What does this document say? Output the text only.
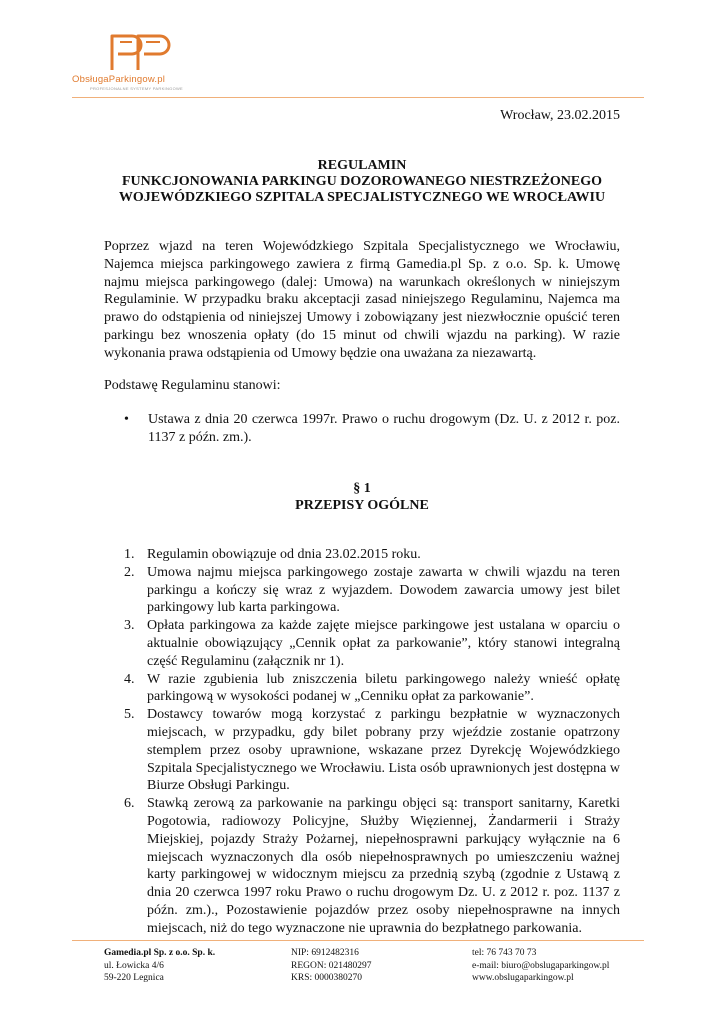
ObsługaParkingow.pl
PROFESJONALNE SYSTEMY PARKINGOWE
Wrocław, 23.02.2015
REGULAMIN
FUNKCJONOWANIA PARKINGU DOZOROWANEGO NIESTRZEŻONEGO
WOJEWÓDZKIEGO SZPITALA SPECJALISTYCZNEGO WE WROCŁAWIU
Poprzez wjazd na teren Wojewódzkiego Szpitala Specjalistycznego we Wrocławiu, Najemca miejsca parkingowego zawiera z firmą Gamedia.pl Sp. z o.o. Sp. k. Umowę najmu miejsca parkingowego (dalej: Umowa) na warunkach określonych w niniejszym Regulaminie. W przypadku braku akceptacji zasad niniejszego Regulaminu, Najemca ma prawo do odstąpienia od niniejszej Umowy i zobowiązany jest niezwłocznie opuścić teren parkingu bez wnoszenia opłaty (do 15 minut od chwili wjazdu na parking). W razie wykonania prawa odstąpienia od Umowy będzie ona uważana za niezawartą.
Podstawę Regulaminu stanowi:
• Ustawa z dnia 20 czerwca 1997r. Prawo o ruchu drogowym (Dz. U. z 2012 r. poz. 1137 z późn. zm.).
§ 1
PRZEPISY OGÓLNE
1. Regulamin obowiązuje od dnia 23.02.2015 roku.
2. Umowa najmu miejsca parkingowego zostaje zawarta w chwili wjazdu na teren parkingu a kończy się wraz z wyjazdem. Dowodem zawarcia umowy jest bilet parkingowy lub karta parkingowa.
3. Opłata parkingowa za każde zajęte miejsce parkingowe jest ustalana w oparciu o aktualnie obowiązujący „Cennik opłat za parkowanie”, który stanowi integralną część Regulaminu (załącznik nr 1).
4. W razie zgubienia lub zniszczenia biletu parkingowego należy wnieść opłatę parkingową w wysokości podanej w „Cenniku opłat za parkowanie”.
5. Dostawcy towarów mogą korzystać z parkingu bezpłatnie w wyznaczonych miejscach, w przypadku, gdy bilet pobrany przy wjeździe zostanie opatrzony stemplem przez osoby uprawnione, wskazane przez Dyrekcję Wojewódzkiego Szpitala Specjalistycznego we Wrocławiu. Lista osób uprawnionych jest dostępna w Biurze Obsługi Parkingu.
6. Stawką zerową za parkowanie na parkingu objęci są: transport sanitarny, Karetki Pogotowia, radiowozy Policyjne, Służby Więziennej, Żandarmerii i Straży Miejskiej, pojazdy Straży Pożarnej, niepełnosprawni parkujący wyłącznie na 6 miejscach wyznaczonych dla osób niepełnosprawnych po umieszczeniu ważnej karty parkingowej w widocznym miejscu za przednią szybą (zgodnie z Ustawą z dnia 20 czerwca 1997 roku Prawo o ruchu drogowym Dz. U. z 2012 r. poz. 1137 z późn. zm.)., Pozostawienie pojazdów przez osoby niepełnosprawne na innych miejscach, niż do tego wyznaczone nie uprawnia do bezpłatnego parkowania.
Gamedia.pl Sp. z o.o. Sp. k.
ul. Łowicka 4/6
59-220 Legnica
NIP: 6912482316
REGON: 021480297
KRS: 0000380270
tel: 76 743 70 73
e-mail: biuro@obslugaparkingow.pl
www.obslugaparkingow.pl
